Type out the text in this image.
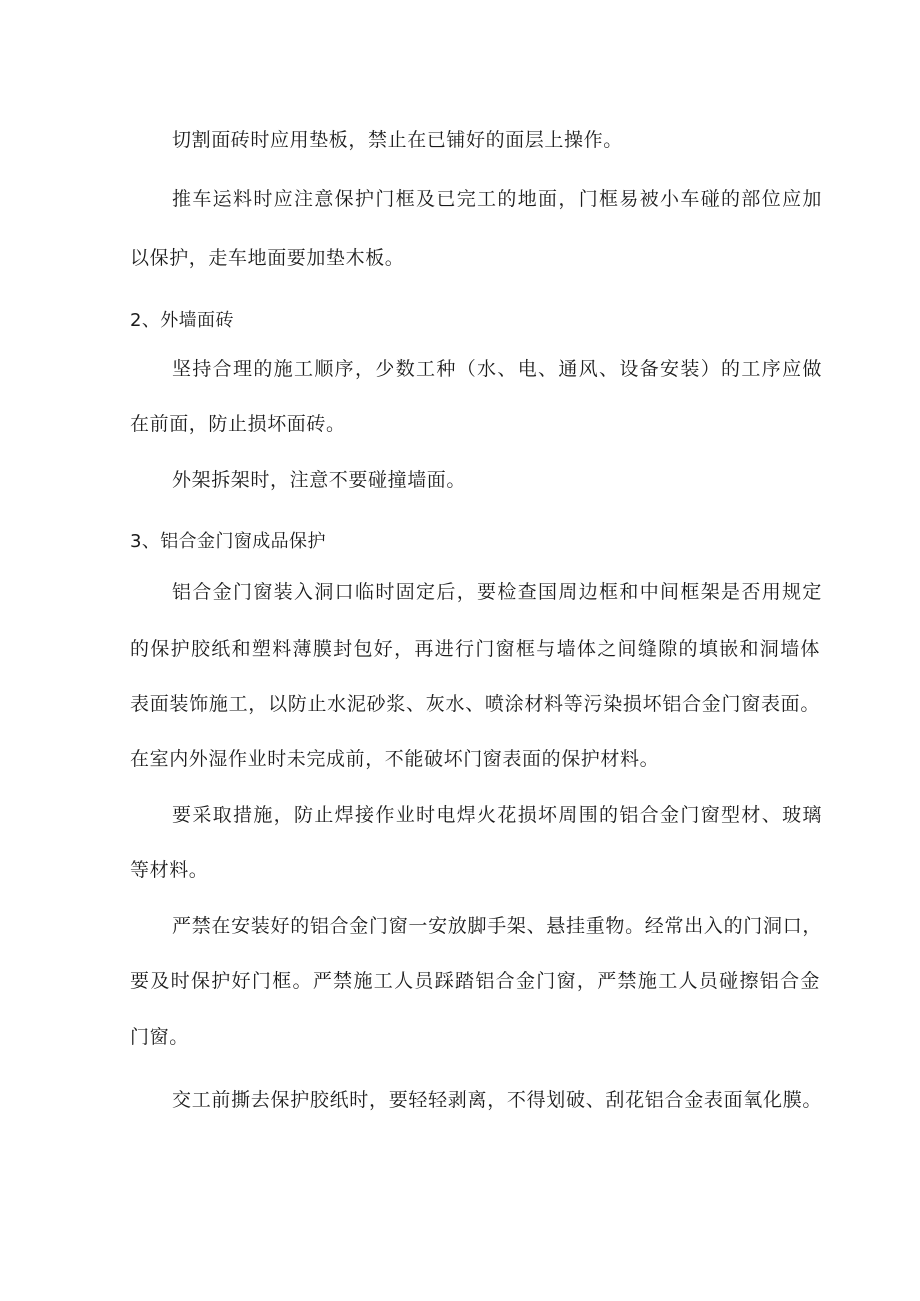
切割面砖时应用垫板，禁止在已铺好的面层上操作。
推车运料时应注意保护门框及已完工的地面，门框易被小车碰的部位应加
以保护，走车地面要加垫木板。
2、外墙面砖
坚持合理的施工顺序，少数工种（水、电、通风、设备安装）的工序应做
在前面，防止损坏面砖。
外架拆架时，注意不要碰撞墙面。
3、铝合金门窗成品保护
铝合金门窗装入洞口临时固定后，要检查国周边框和中间框架是否用规定
的保护胶纸和塑料薄膜封包好，再进行门窗框与墙体之间缝隙的填嵌和洞墙体
表面装饰施工，以防止水泥砂浆、灰水、喷涂材料等污染损坏铝合金门窗表面。
在室内外湿作业时未完成前，不能破坏门窗表面的保护材料。
要采取措施，防止焊接作业时电焊火花损坏周围的铝合金门窗型材、玻璃
等材料。
严禁在安装好的铝合金门窗一安放脚手架、悬挂重物。经常出入的门洞口，
要及时保护好门框。严禁施工人员踩踏铝合金门窗，严禁施工人员碰擦铝合金
门窗。
交工前撕去保护胶纸时，要轻轻剥离，不得划破、刮花铝合金表面氧化膜。
